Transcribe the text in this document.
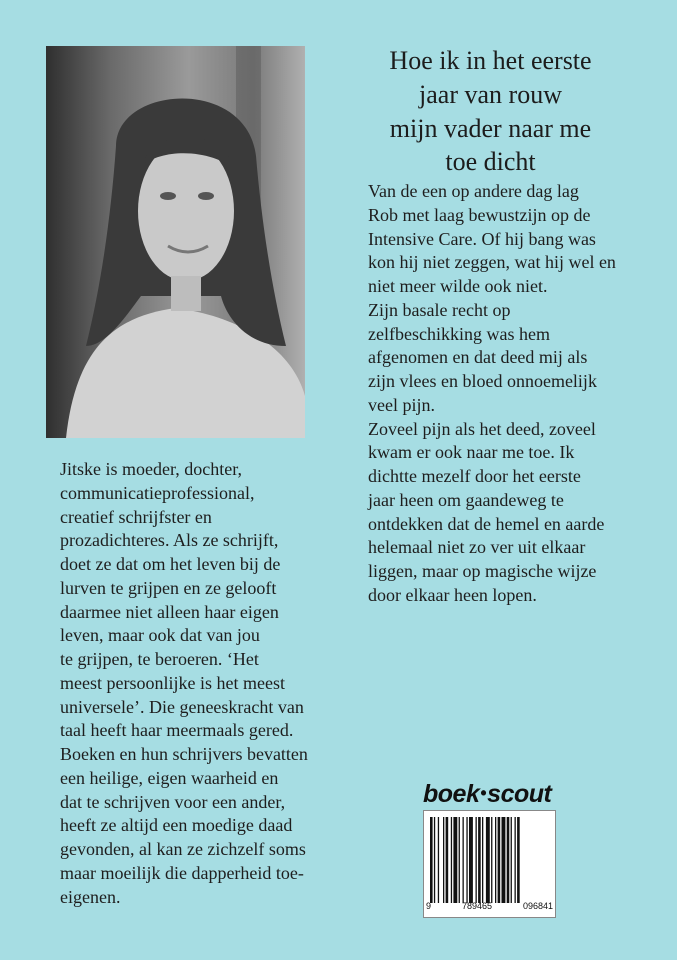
Hoe ik in het eerste
jaar van rouw
mijn vader naar me
toe dicht
Van de een op andere dag lag
Rob met laag bewustzijn op de
Intensive Care. Of hij bang was
kon hij niet zeggen, wat hij wel en
niet meer wilde ook niet.
Zijn basale recht op
zelfbeschikking was hem
afgenomen en dat deed mij als
zijn vlees en bloed onnoemelijk
veel pijn.
Zoveel pijn als het deed, zoveel
kwam er ook naar me toe. Ik
dichtte mezelf door het eerste
jaar heen om gaandeweg te
ontdekken dat de hemel en aarde
helemaal niet zo ver uit elkaar
liggen, maar op magische wijze
door elkaar heen lopen.
Jitske is moeder, dochter,
communicatieprofessional,
creatief schrijfster en
prozadichteres. Als ze schrijft,
doet ze dat om het leven bij de
lurven te grijpen en ze gelooft
daarmee niet alleen haar eigen
leven, maar ook dat van jou
te grijpen, te beroeren. ‘Het
meest persoonlijke is het meest
universele’. Die geneeskracht van
taal heeft haar meermaals gered.
Boeken en hun schrijvers bevatten
een heilige, eigen waarheid en
dat te schrijven voor een ander,
heeft ze altijd een moedige daad
gevonden, al kan ze zichzelf soms
maar moeilijk die dapperheid toe-
eigenen.
boek•scout
9	789465	096841
